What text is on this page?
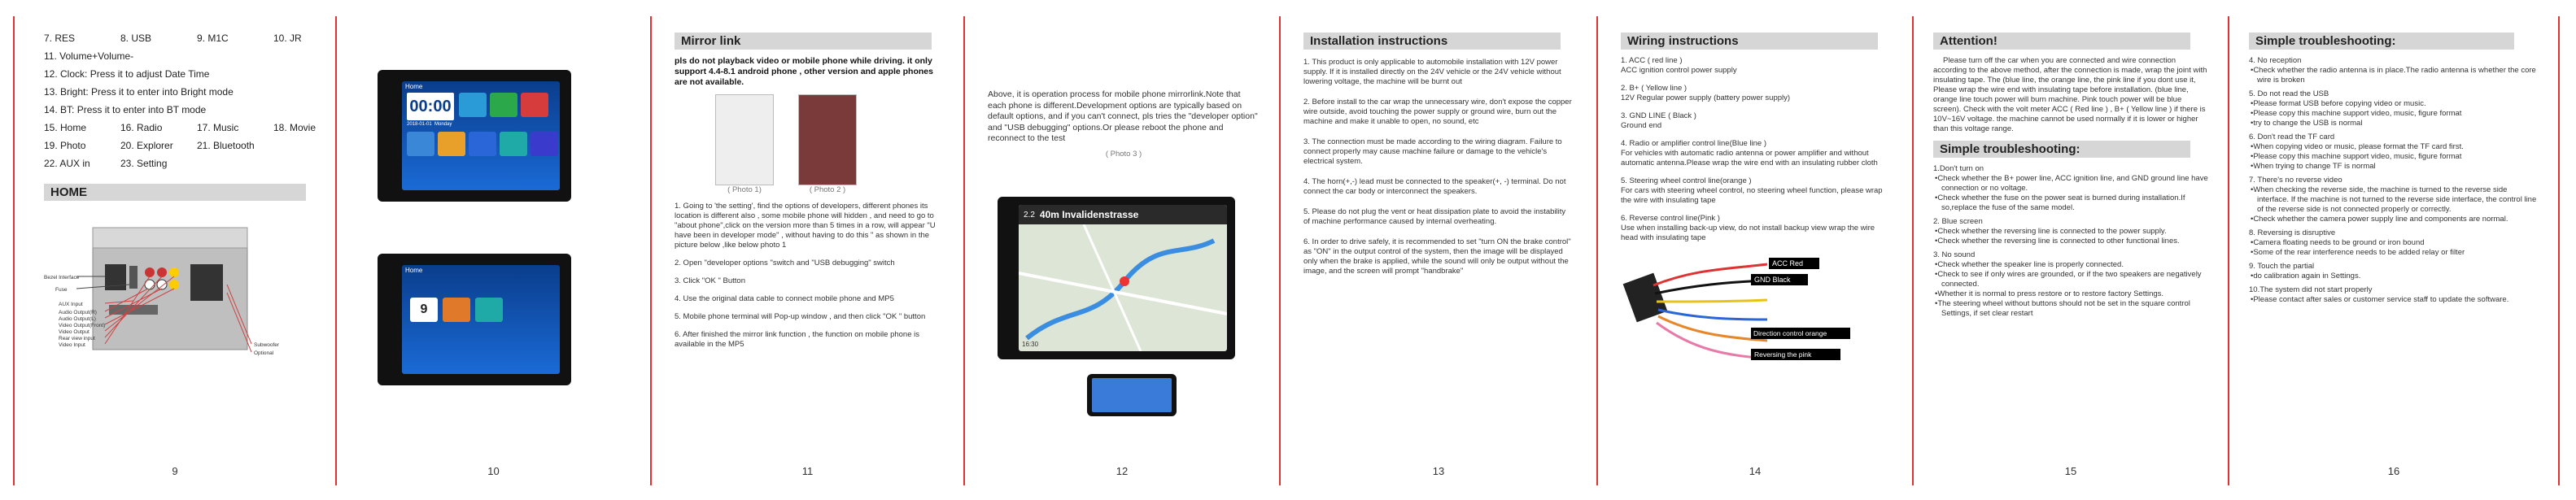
7. RES	8. USB	9. M1C	10. JR
11. Volume+Volume-
12. Clock: Press it to adjust Date Time
13. Bright: Press it to enter into Bright mode
14. BT: Press it to enter into BT mode
15. Home	16. Radio	17. Music	18. Movie
19. Photo	20. Explorer	21. Bluetooth
22. AUX in	23. Setting
HOME
Bezel Interface
Fuse
AUX Input
Audio Output(R)
Audio Output(L)
Video Output(Front)
Video Output
Rear view input
Video Input	Subwoofer
Optional
9
Home
00:00
2018-01-01 Monday
Home
9
10
Mirror link
pls do not playback video or mobile phone while driving. it only support 4.4-8.1 android phone , other version and apple phones are not available.
( Photo 1)	( Photo 2 )

1. Going to 'the setting', find the options of developers, different phones its location is different also , some mobile phone will hidden , and need to go to "about phone",click on the version more than 5 times in a row, will appear "U have been in developer mode" , without having to do this " as shown in the picture below ,like below photo 1

2. Open "developer options "switch and "USB debugging" switch

3. Click "OK " Button

4. Use the original data cable to connect mobile phone and MP5

5. Mobile phone terminal will Pop-up window , and then click "OK " button

6. After finished the mirror link function , the function on mobile phone is available in the MP5

11
Above, it is operation process for mobile phone mirrorlink.Note that each phone is different.Development options are typically based on default options, and if you can't connect, pls tries the "developer option" and "USB debugging" options.Or please reboot the phone and reconnect to the test
( Photo 3 )
2.2 40m Invalidenstrasse
16:30
12
Installation instructions

1. This product is only applicable to automobile installation with 12V power supply. If it is installed directly on the 24V vehicle or the 24V vehicle without lowering voltage, the machine will be burnt out

2. Before install to the car wrap the unnecessary wire, don't expose the copper wire outside, avoid touching the power supply or ground wire, burn out the machine and make it unable to open, no sound, etc

3. The connection must be made according to the wiring diagram. Failure to connect properly may cause machine failure or damage to the vehicle's electrical system.

4. The horn(+,-) lead must be connected to the speaker(+, -) terminal. Do not connect the car body or interconnect the speakers.

5. Please do not plug the vent or heat dissipation plate to avoid the instability of machine performance caused by internal overheating.

6. In order to drive safely, it is recommended to set "turn ON the brake control" as "ON" in the output control of the system, then the image will be displayed only when the brake is applied, while the sound will only be output without the image, and the screen will prompt "handbrake"

13
Wiring instructions
1. ACC ( red line )
ACC ignition control power supply
2. B+ ( Yellow line )
12V Regular power supply (battery power supply)
3. GND LINE ( Black )
Ground end
4. Radio or amplifier control line(Blue line )
For vehicles with automatic radio antenna or power amplifier and without automatic antenna.Please wrap the wire end with an insulating rubber cloth
5. Steering wheel control line(orange )
For cars with steering wheel control, no steering wheel function, please wrap the wire with insulating tape
6. Reverse control line(Pink )
Use when installing back-up view, do not install backup view wrap the wire head with insulating tape
ACC Red
GND Black
Direction control orange
Reversing the pink
14
Attention!
Please turn off the car when you are connected and wire connection according to the above method, after the connection is made, wrap the joint with insulating tape. The (blue line, the orange line, the pink line if you dont use it, Please wrap the wire end with insulating tape before installation. (blue line, orange line touch power will burn machine. Pink touch power will be blue screen). Check with the volt meter ACC ( Red line ) , B+ ( Yellow line ) if there is 10V~16V voltage. the machine cannot be used normally if it is lower or higher than this voltage range.
Simple troubleshooting:
1.Don't turn on
•Check whether the B+ power line, ACC ignition line, and GND ground line have connection or no voltage.
•Check whether the fuse on the power seat is burned during installation.If so,replace the fuse of the same model.
2. Blue screen
•Check whether the reversing line is connected to the power supply.
•Check whether the reversing line is connected to other functional lines.
3. No sound
•Check whether the speaker line is properly connected.
•Check to see if only wires are grounded, or if the two speakers are negatively connected.
•Whether it is normal to press restore or to restore factory Settings.
•The steering wheel without buttons should not be set in the square control Settings, if set clear restart
15
Simple troubleshooting:
4. No reception
•Check whether the radio antenna is in place.The radio antenna is whether the core wire is broken
5. Do not read the USB
•Please format USB before copying video or music.
•Please copy this machine support video, music, figure format
•try to change the USB is normal
6. Don't read the TF card
•When copying video or music, please format the TF card first.
•Please copy this machine support video, music, figure format
•When trying to change TF is normal
7. There's no reverse video
•When checking the reverse side, the machine is turned to the reverse side interface. If the machine is not turned to the reverse side interface, the control line of the reverse side is not connected properly or correctly.
•Check whether the camera power supply line and components are normal.
8. Reversing is disruptive
•Camera floating needs to be ground or iron bound
•Some of the rear interference needs to be added relay or filter
9. Touch the partial
•do calibration again in Settings.
10.The system did not start properly
•Please contact after sales or customer service staff to update the software.
16
